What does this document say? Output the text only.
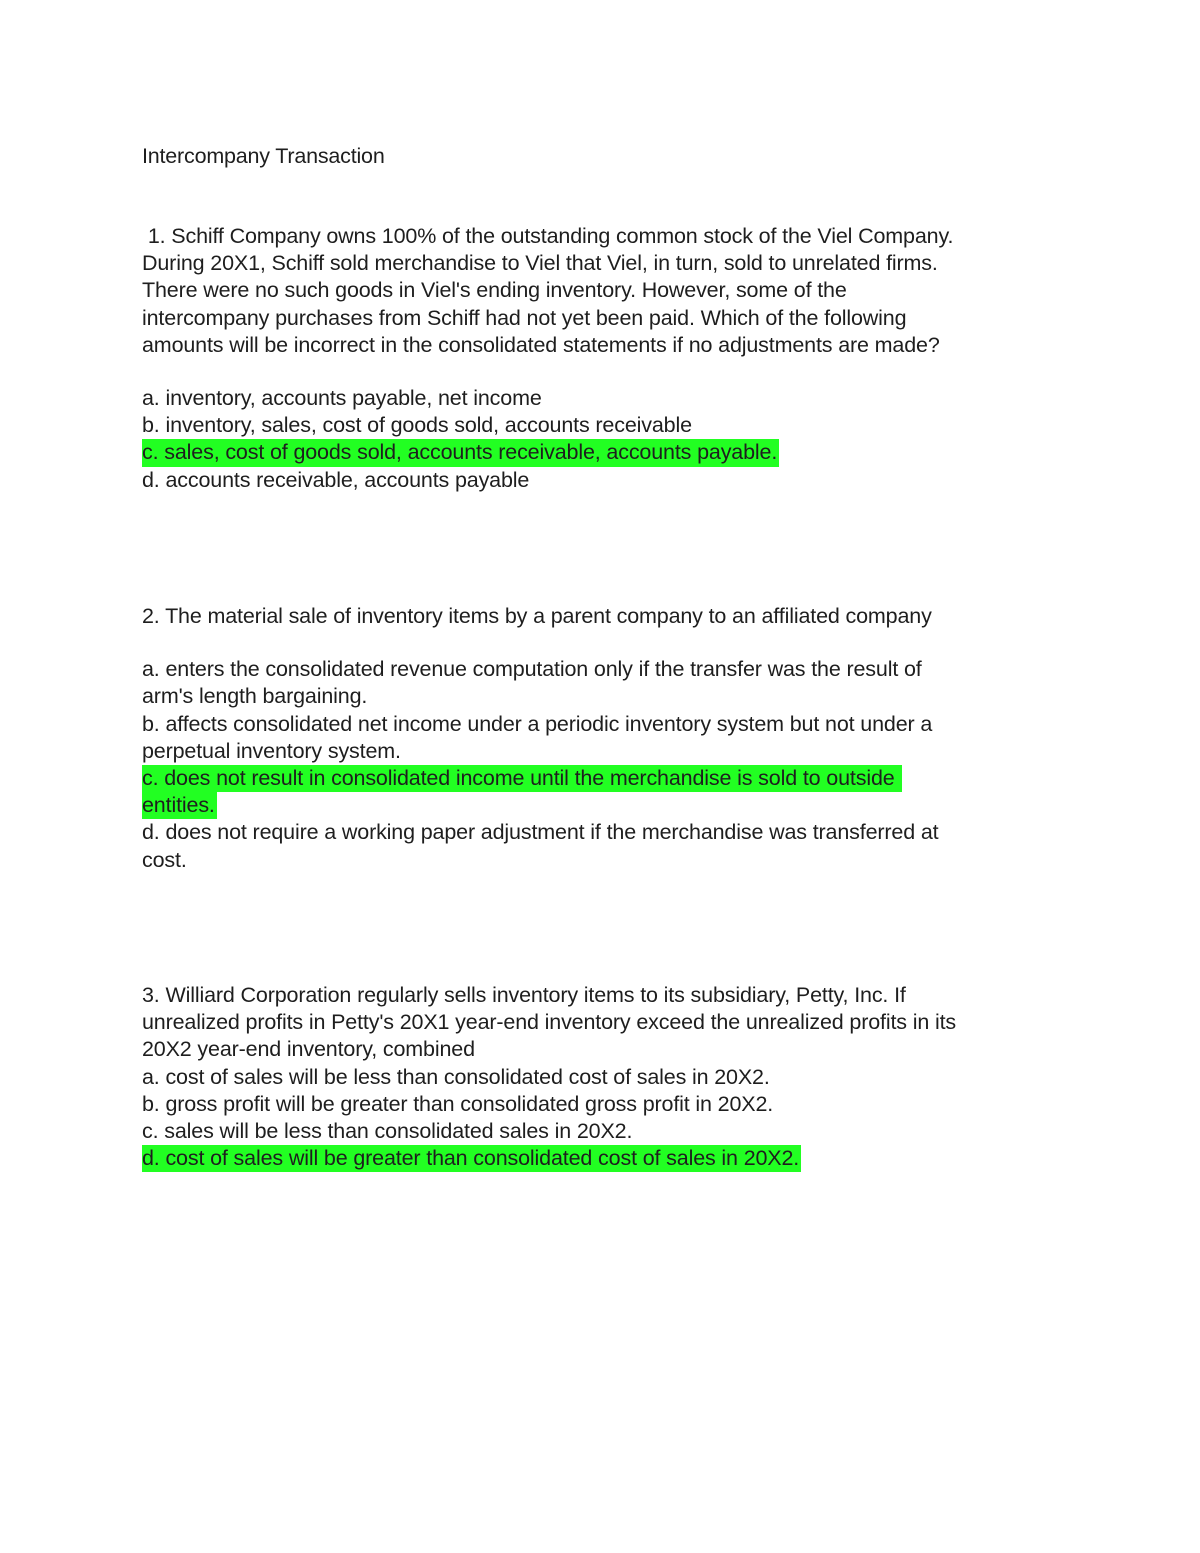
Intercompany Transaction
1. Schiff Company owns 100% of the outstanding common stock of the Viel Company.
During 20X1, Schiff sold merchandise to Viel that Viel, in turn, sold to unrelated firms.
There were no such goods in Viel's ending inventory. However, some of the
intercompany purchases from Schiff had not yet been paid. Which of the following
amounts will be incorrect in the consolidated statements if no adjustments are made?
a. inventory, accounts payable, net income
b. inventory, sales, cost of goods sold, accounts receivable
c. sales, cost of goods sold, accounts receivable, accounts payable.
d. accounts receivable, accounts payable
2. The material sale of inventory items by a parent company to an affiliated company
a. enters the consolidated revenue computation only if the transfer was the result of
arm's length bargaining.
b. affects consolidated net income under a periodic inventory system but not under a
perpetual inventory system.
c. does not result in consolidated income until the merchandise is sold to outside
entities.
d. does not require a working paper adjustment if the merchandise was transferred at
cost.
3. Williard Corporation regularly sells inventory items to its subsidiary, Petty, Inc. If
unrealized profits in Petty's 20X1 year-end inventory exceed the unrealized profits in its
20X2 year-end inventory, combined
a. cost of sales will be less than consolidated cost of sales in 20X2.
b. gross profit will be greater than consolidated gross profit in 20X2.
c. sales will be less than consolidated sales in 20X2.
d. cost of sales will be greater than consolidated cost of sales in 20X2.
